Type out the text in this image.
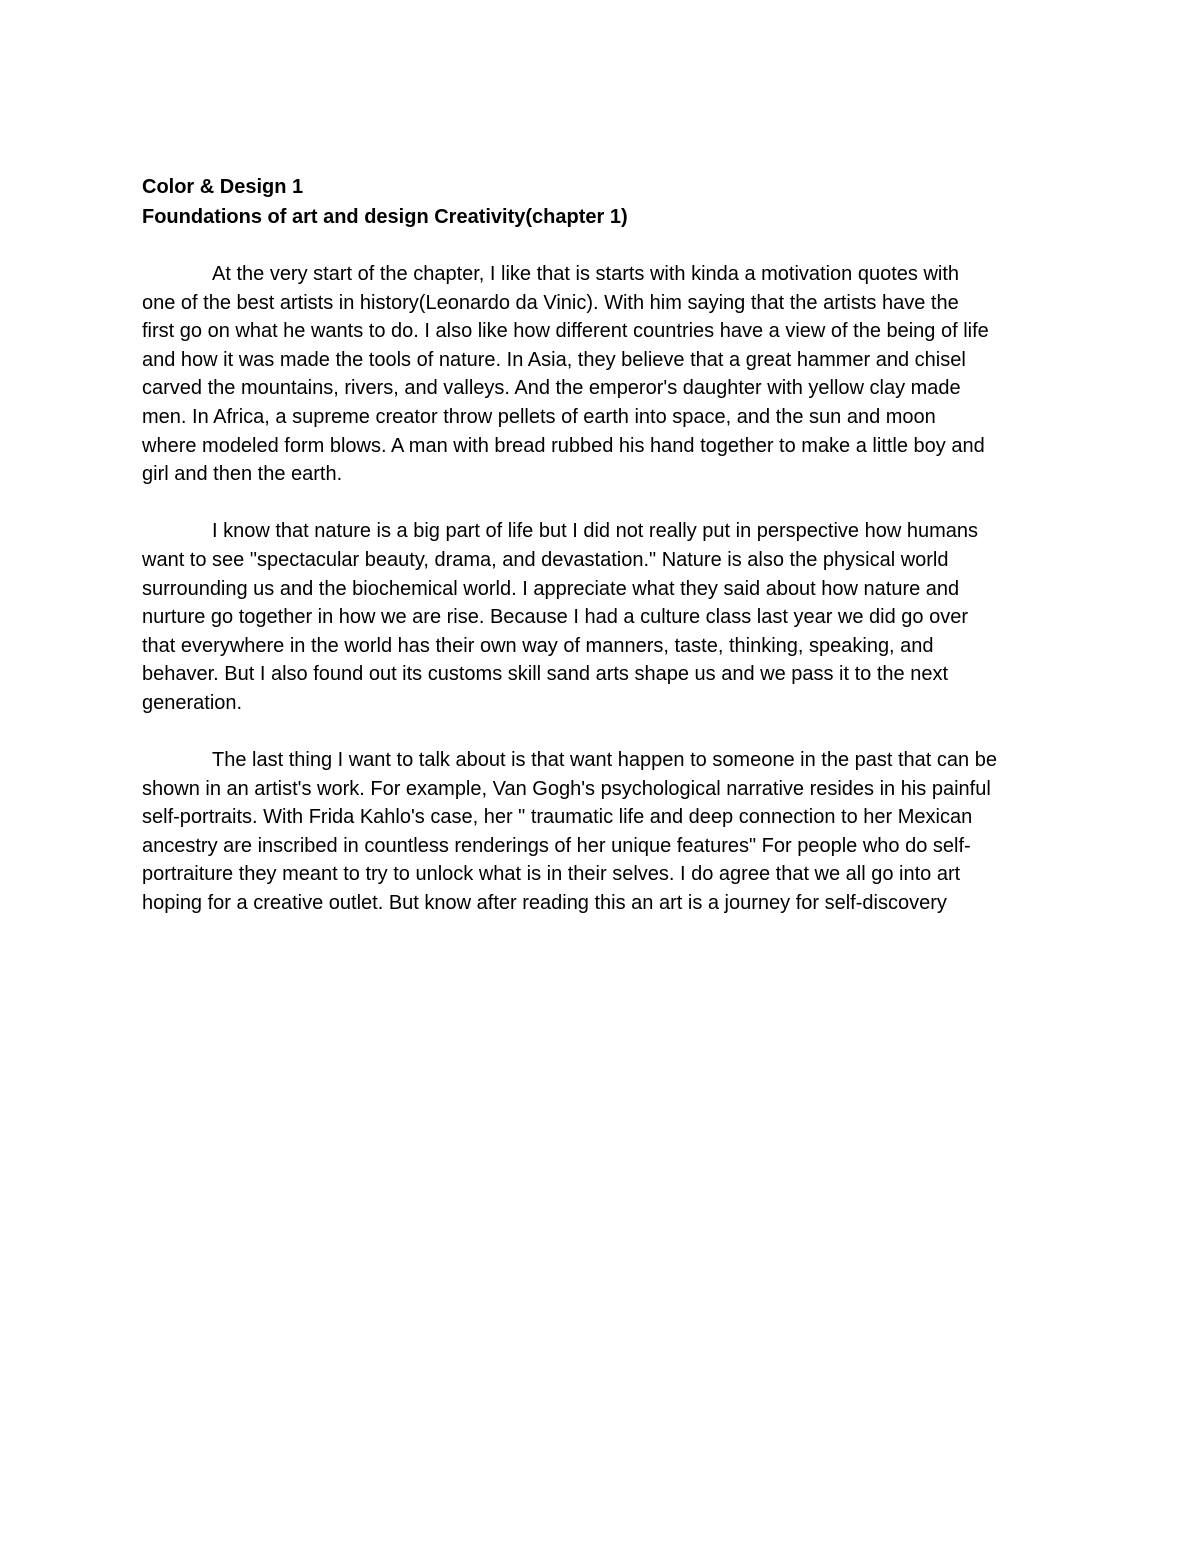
Color & Design 1
Foundations of art and design Creativity(chapter 1)

At the very start of the chapter, I like that is starts with kinda a motivation quotes with
one of the best artists in history(Leonardo da Vinic). With him saying that the artists have the
first go on what he wants to do. I also like how different countries have a view of the being of life
and how it was made the tools of nature. In Asia, they believe that a great hammer and chisel
carved the mountains, rivers, and valleys. And the emperor's daughter with yellow clay made
men. In Africa, a supreme creator throw pellets of earth into space, and the sun and moon
where modeled form blows. A man with bread rubbed his hand together to make a little boy and
girl and then the earth.

I know that nature is a big part of life but I did not really put in perspective how humans
want to see "spectacular beauty, drama, and devastation." Nature is also the physical world
surrounding us and the biochemical world. I appreciate what they said about how nature and
nurture go together in how we are rise. Because I had a culture class last year we did go over
that everywhere in the world has their own way of manners, taste, thinking, speaking, and
behaver. But I also found out its customs skill sand arts shape us and we pass it to the next
generation.

The last thing I want to talk about is that want happen to someone in the past that can be
shown in an artist's work. For example, Van Gogh's psychological narrative resides in his painful
self-portraits. With Frida Kahlo's case, her " traumatic life and deep connection to her Mexican
ancestry are inscribed in countless renderings of her unique features" For people who do self-
portraiture they meant to try to unlock what is in their selves. I do agree that we all go into art
hoping for a creative outlet. But know after reading this an art is a journey for self-discovery
